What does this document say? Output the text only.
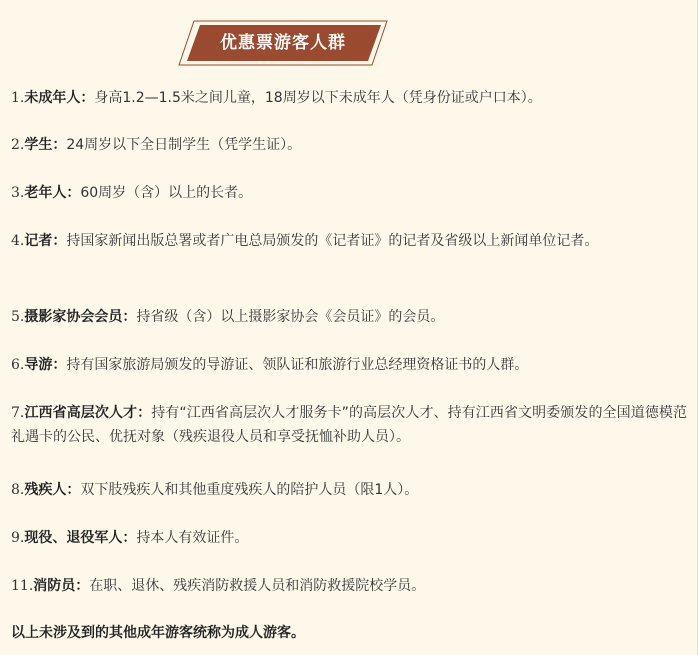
优惠票游客人群
1.未成年人：身高1.2—1.5米之间儿童，18周岁以下未成年人（凭身份证或户口本）。
2.学生：24周岁以下全日制学生（凭学生证）。
3.老年人：60周岁（含）以上的长者。
4.记者：持国家新闻出版总署或者广电总局颁发的《记者证》的记者及省级以上新闻单位记者。
5.摄影家协会会员：持省级（含）以上摄影家协会《会员证》的会员。
6.导游：持有国家旅游局颁发的导游证、领队证和旅游行业总经理资格证书的人群。
7.江西省高层次人才：持有“江西省高层次人才服务卡”的高层次人才、持有江西省文明委颁发的全国道德模范礼遇卡的公民、优抚对象（残疾退役人员和享受抚恤补助人员）。
8.残疾人：双下肢残疾人和其他重度残疾人的陪护人员（限1人）。
9.现役、退役军人：持本人有效证件。
11.消防员：在职、退休、残疾消防救援人员和消防救援院校学员。
以上未涉及到的其他成年游客统称为成人游客。
